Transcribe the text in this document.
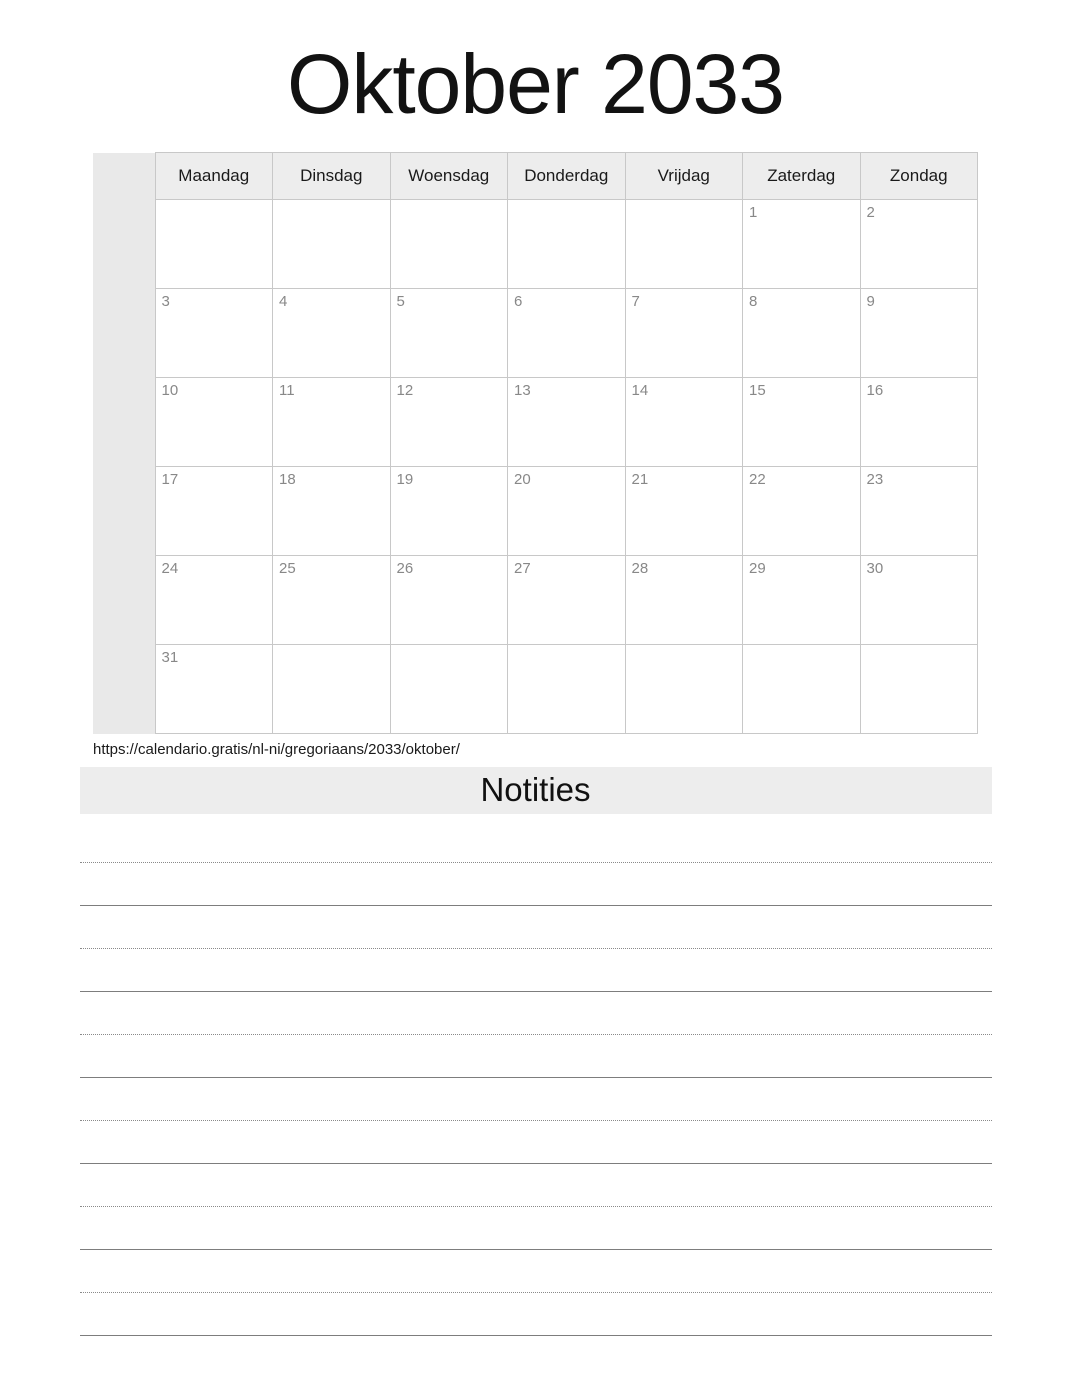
Oktober 2033
	Maandag	Dinsdag	Woensdag	Donderdag	Vrijdag	Zaterdag	Zondag
						1	2
	3	4	5	6	7	8	9
	10	11	12	13	14	15	16
	17	18	19	20	21	22	23
	24	25	26	27	28	29	30
	31						
https://calendario.gratis/nl-ni/gregoriaans/2033/oktober/
Notities
